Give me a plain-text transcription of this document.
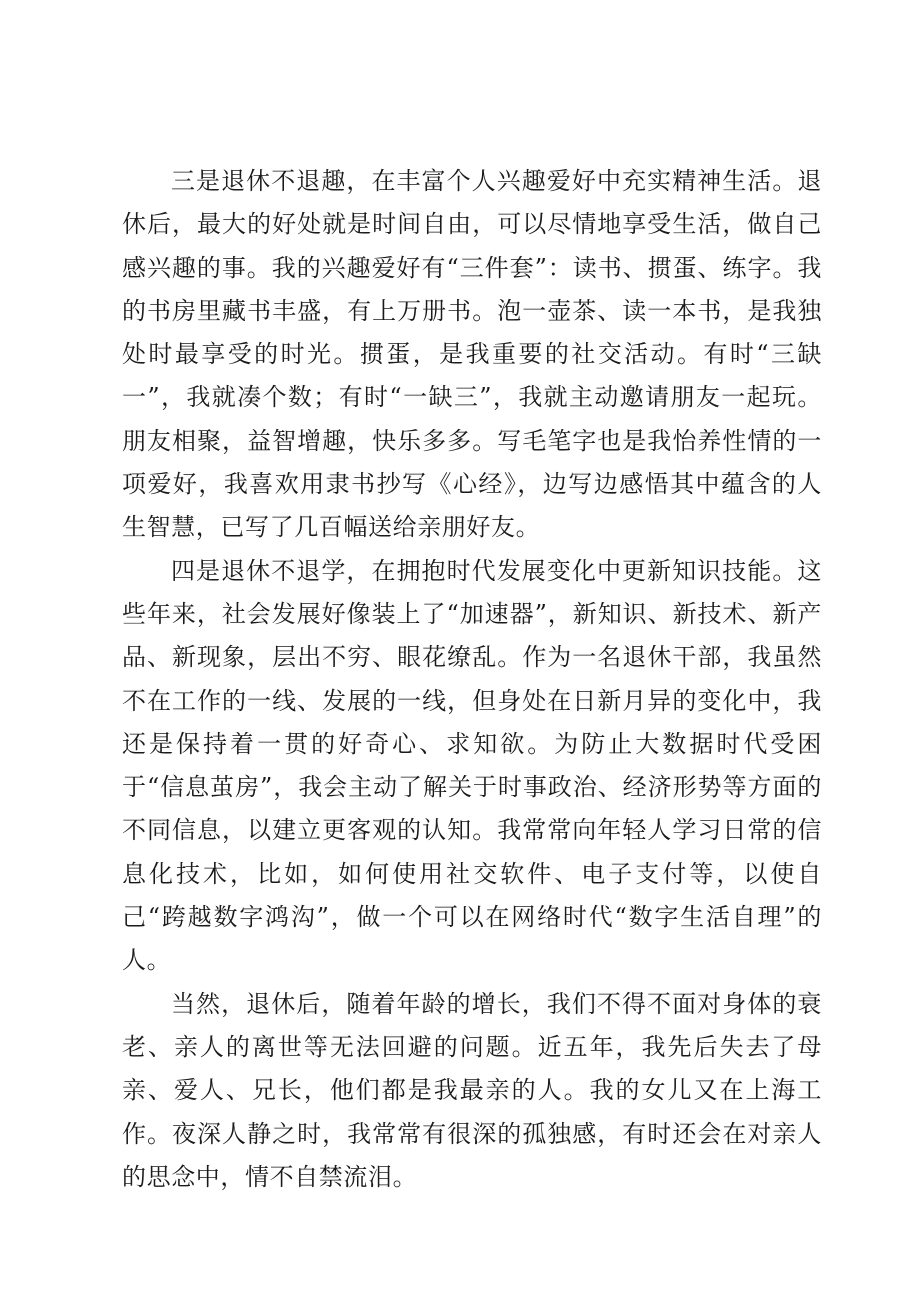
三是退休不退趣，在丰富个人兴趣爱好中充实精神生活。退休后，最大的好处就是时间自由，可以尽情地享受生活，做自己感兴趣的事。我的兴趣爱好有“三件套”：读书、掼蛋、练字。我的书房里藏书丰盛，有上万册书。泡一壶茶、读一本书，是我独处时最享受的时光。掼蛋，是我重要的社交活动。有时“三缺一”，我就凑个数；有时“一缺三”，我就主动邀请朋友一起玩。朋友相聚，益智增趣，快乐多多。写毛笔字也是我怡养性情的一项爱好，我喜欢用隶书抄写《心经》，边写边感悟其中蕴含的人生智慧，已写了几百幅送给亲朋好友。

四是退休不退学，在拥抱时代发展变化中更新知识技能。这些年来，社会发展好像装上了“加速器”，新知识、新技术、新产品、新现象，层出不穷、眼花缭乱。作为一名退休干部，我虽然不在工作的一线、发展的一线，但身处在日新月异的变化中，我还是保持着一贯的好奇心、求知欲。为防止大数据时代受困于“信息茧房”，我会主动了解关于时事政治、经济形势等方面的不同信息，以建立更客观的认知。我常常向年轻人学习日常的信息化技术，比如，如何使用社交软件、电子支付等，以使自己“跨越数字鸿沟”，做一个可以在网络时代“数字生活自理”的人。

当然，退休后，随着年龄的增长，我们不得不面对身体的衰老、亲人的离世等无法回避的问题。近五年，我先后失去了母亲、爱人、兄长，他们都是我最亲的人。我的女儿又在上海工作。夜深人静之时，我常常有很深的孤独感，有时还会在对亲人的思念中，情不自禁流泪。
